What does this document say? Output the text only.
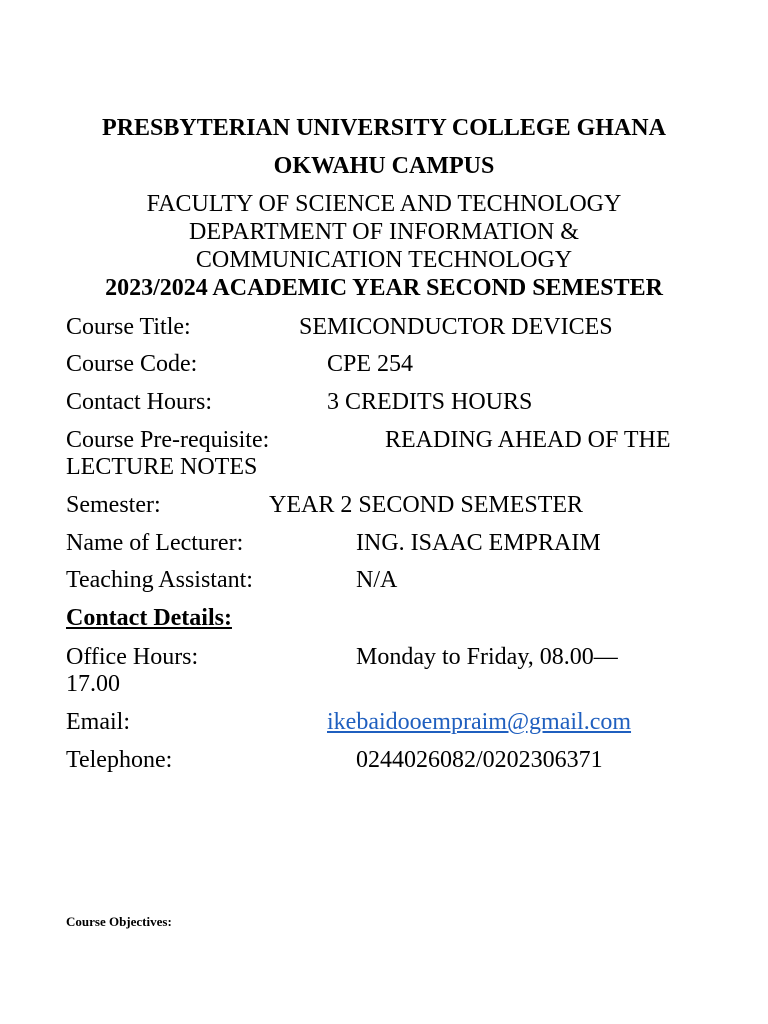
PRESBYTERIAN UNIVERSITY COLLEGE GHANA
OKWAHU CAMPUS
FACULTY OF SCIENCE AND TECHNOLOGY
DEPARTMENT OF INFORMATION &
COMMUNICATION TECHNOLOGY
2023/2024 ACADEMIC YEAR SECOND SEMESTER
Course Title:	SEMICONDUCTOR DEVICES
Course Code:	CPE 254
Contact Hours:	3 CREDITS HOURS
Course Pre-requisite:	READING AHEAD OF THE
LECTURE NOTES
Semester:	YEAR 2 SECOND SEMESTER
Name of Lecturer:	ING. ISAAC EMPRAIM
Teaching Assistant:	N/A
Contact Details:
Office Hours:	Monday to Friday, 08.00—
17.00
Email:	ikebaidooempraim@gmail.com
Telephone:	0244026082/0202306371
Course Objectives:
